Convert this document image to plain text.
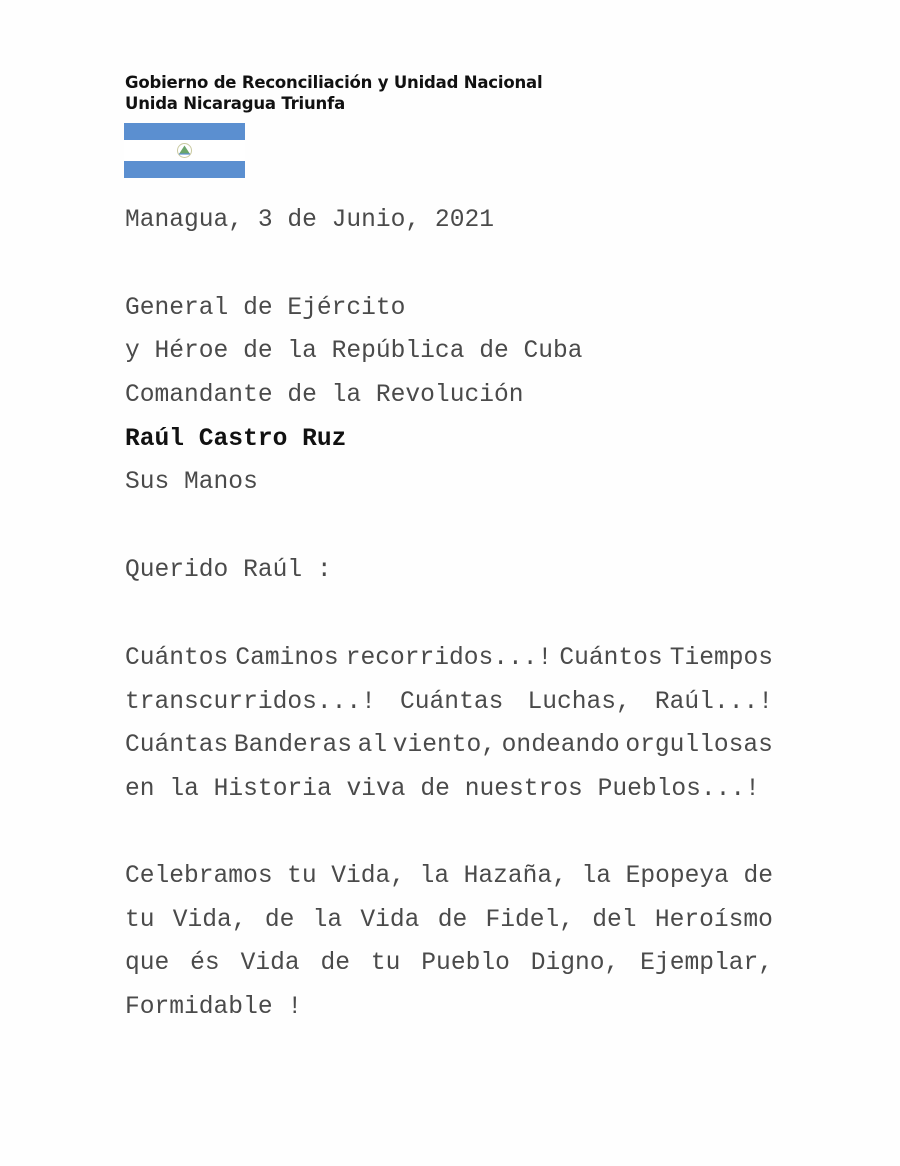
Gobierno de Reconciliación y Unidad Nacional
Unida Nicaragua Triunfa

Managua, 3 de Junio, 2021

General de Ejército

y Héroe de la República de Cuba

Comandante de la Revolución

Raúl Castro Ruz

Sus Manos

Querido Raúl :

Cuántos Caminos recorridos...! Cuántos Tiempos
transcurridos...! Cuántas Luchas, Raúl...!
Cuántas Banderas al viento, ondeando orgullosas
en la Historia viva de nuestros Pueblos...!
Celebramos tu Vida, la Hazaña, la Epopeya de
tu Vida, de la Vida de Fidel, del Heroísmo
que és Vida de tu Pueblo Digno, Ejemplar,
Formidable !
